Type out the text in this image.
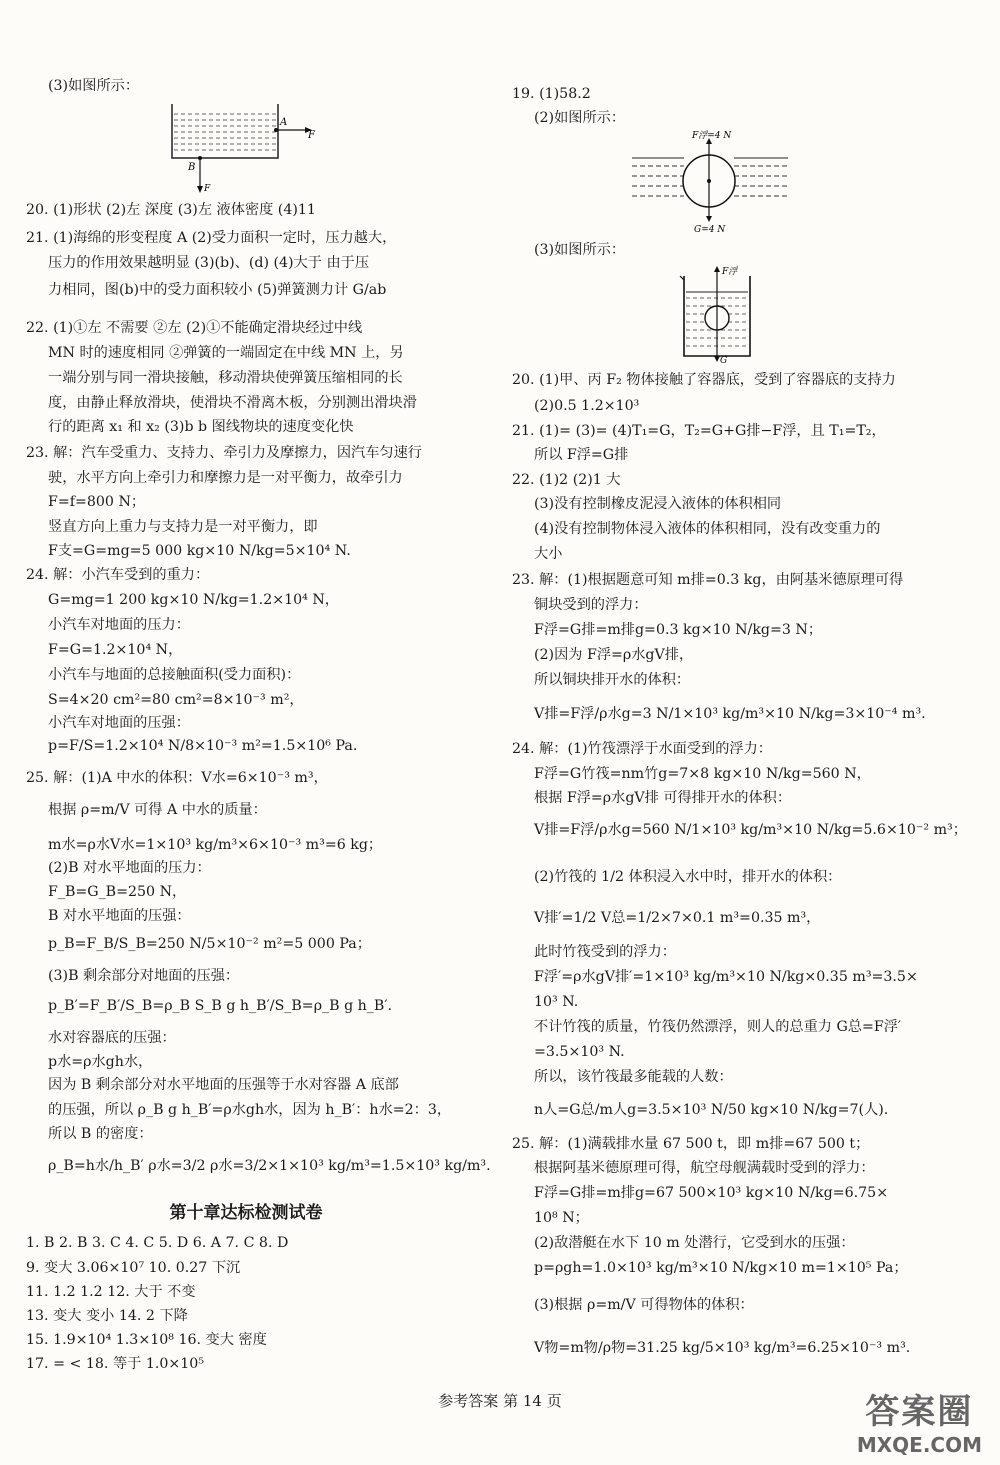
(3)如图所示：
20. (1)形状 (2)左 深度 (3)左 液体密度 (4)11
21. (1)海绵的形变程度 A (2)受力面积一定时，压力越大，
压力的作用效果越明显 (3)(b)、(d) (4)大于 由于压
力相同，图(b)中的受力面积较小 (5)弹簧测力计 G/ab
22. (1)①左 不需要 ②左 (2)①不能确定滑块经过中线
MN 时的速度相同 ②弹簧的一端固定在中线 MN 上，另
一端分别与同一滑块接触，移动滑块使弹簧压缩相同的长
度，由静止释放滑块，使滑块不滑离木板，分别测出滑块滑
行的距离 x₁ 和 x₂ (3)b b 图线物块的速度变化快
23. 解：汽车受重力、支持力、牵引力及摩擦力，因汽车匀速行
驶，水平方向上牵引力和摩擦力是一对平衡力，故牵引力
F=f=800 N；
竖直方向上重力与支持力是一对平衡力，即
F支=G=mg=5 000 kg×10 N/kg=5×10⁴ N.
24. 解：小汽车受到的重力：
G=mg=1 200 kg×10 N/kg=1.2×10⁴ N，
小汽车对地面的压力：
F=G=1.2×10⁴ N，
小汽车与地面的总接触面积(受力面积)：
S=4×20 cm²=80 cm²=8×10⁻³ m²，
小汽车对地面的压强：
p=F/S=1.2×10⁴ N/8×10⁻³ m²=1.5×10⁶ Pa.
25. 解：(1)A 中水的体积：V水=6×10⁻³ m³，
根据 ρ=m/V 可得 A 中水的质量：
m水=ρ水V水=1×10³ kg/m³×6×10⁻³ m³=6 kg；
(2)B 对水平地面的压力：
F_B=G_B=250 N，
B 对水平地面的压强：
p_B=F_B/S_B=250 N/5×10⁻² m²=5 000 Pa；
(3)B 剩余部分对地面的压强：
p_B′=F_B′/S_B=ρ_B S_B g h_B′/S_B=ρ_B g h_B′.
水对容器底的压强：
p水=ρ水gh水，
因为 B 剩余部分对水平地面的压强等于水对容器 A 底部
的压强，所以 ρ_B g h_B′=ρ水gh水，因为 h_B′：h水=2：3，
所以 B 的密度：
ρ_B=h水/h_B′ ρ水=3/2 ρ水=3/2×1×10³ kg/m³=1.5×10³ kg/m³.
1. B 2. B 3. C 4. C 5. D 6. A 7. C 8. D
9. 变大 3.06×10⁷ 10. 0.27 下沉
11. 1.2 1.2 12. 大于 不变
13. 变大 变小 14. 2 下降
15. 1.9×10⁴ 1.3×10⁸ 16. 变大 密度
17. = < 18. 等于 1.0×10⁵
19. (1)58.2
(2)如图所示：
(3)如图所示：
20. (1)甲、丙 F₂ 物体接触了容器底，受到了容器底的支持力
(2)0.5 1.2×10³
21. (1)= (3)= (4)T₁=G，T₂=G+G排−F浮，且 T₁=T₂，
所以 F浮=G排
22. (1)2 (2)1 大
(3)没有控制橡皮泥浸入液体的体积相同
(4)没有控制物体浸入液体的体积相同，没有改变重力的
大小
23. 解：(1)根据题意可知 m排=0.3 kg，由阿基米德原理可得
铜块受到的浮力：
F浮=G排=m排g=0.3 kg×10 N/kg=3 N；
(2)因为 F浮=ρ水gV排，
所以铜块排开水的体积：
V排=F浮/ρ水g=3 N/1×10³ kg/m³×10 N/kg=3×10⁻⁴ m³.
24. 解：(1)竹筏漂浮于水面受到的浮力：
F浮=G竹筏=nm竹g=7×8 kg×10 N/kg=560 N，
根据 F浮=ρ水gV排 可得排开水的体积：
V排=F浮/ρ水g=560 N/1×10³ kg/m³×10 N/kg=5.6×10⁻² m³；
(2)竹筏的 1/2 体积浸入水中时，排开水的体积：
V排′=1/2 V总=1/2×7×0.1 m³=0.35 m³，
此时竹筏受到的浮力：
F浮′=ρ水gV排′=1×10³ kg/m³×10 N/kg×0.35 m³=3.5×
10³ N.
不计竹筏的质量，竹筏仍然漂浮，则人的总重力 G总=F浮′
=3.5×10³ N.
所以，该竹筏最多能载的人数：
n人=G总/m人g=3.5×10³ N/50 kg×10 N/kg=7(人).
25. 解：(1)满载排水量 67 500 t，即 m排=67 500 t；
根据阿基米德原理可得，航空母舰满载时受到的浮力：
F浮=G排=m排g=67 500×10³ kg×10 N/kg=6.75×
10⁸ N；
(2)敌潜艇在水下 10 m 处潜行，它受到水的压强：
p=ρgh=1.0×10³ kg/m³×10 N/kg×10 m=1×10⁵ Pa；
(3)根据 ρ=m/V 可得物体的体积：
V物=m物/ρ物=31.25 kg/5×10³ kg/m³=6.25×10⁻³ m³.
第十章达标检测试卷
A
F
B
F
F浮=4 N
G=4 N
F浮
G
参考答案 第 14 页	答案圈
MXQE.COM
